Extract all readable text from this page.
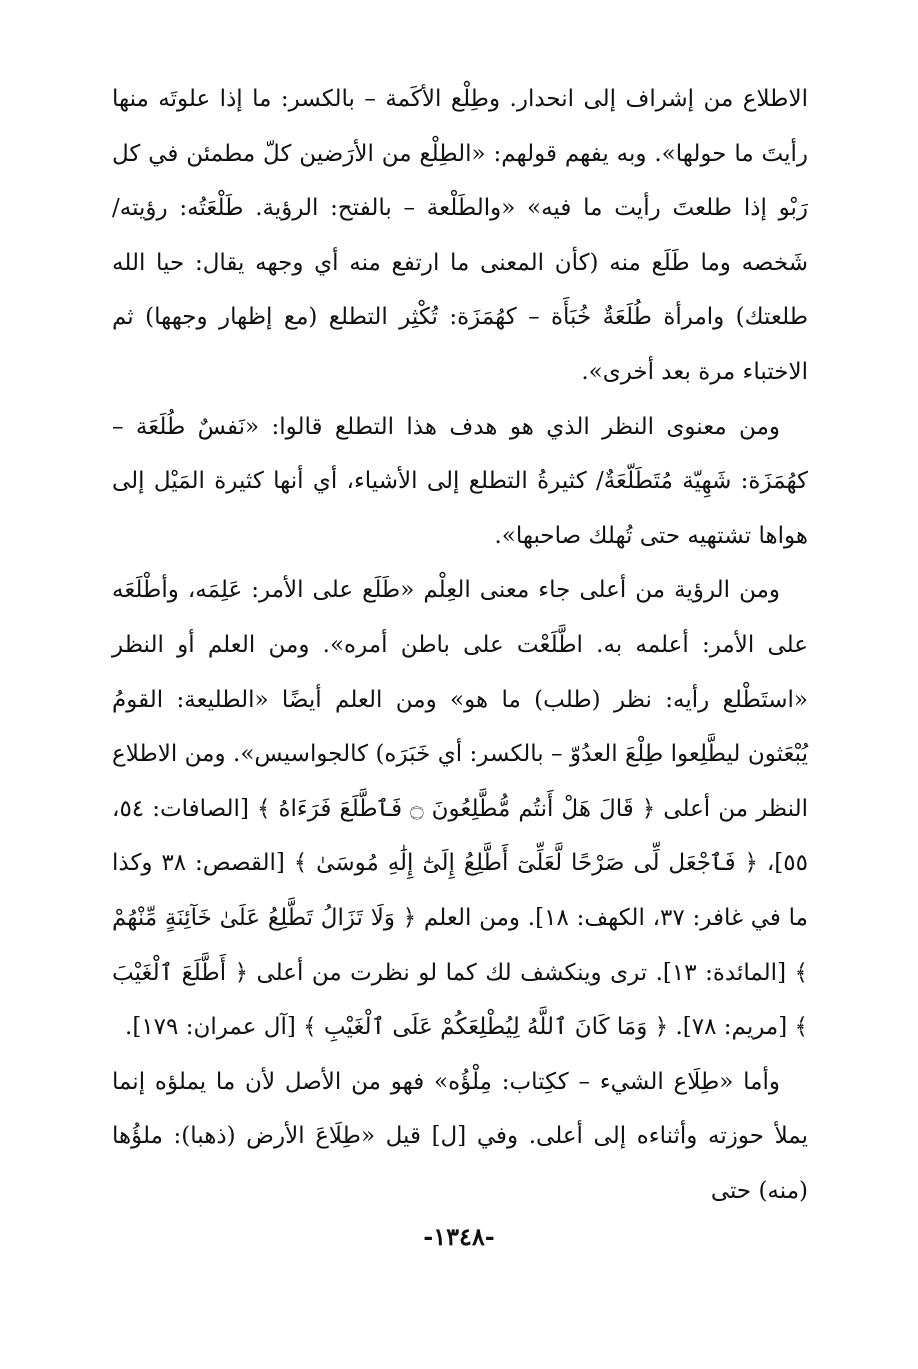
الاطلاع من إشراف إلى انحدار. وطِلْع الأكَمة – بالكسر: ما إذا علوتَه منها رأيتَ ما حولها». وبه يفهم قولهم: «الطِلْع من الأرَضين كلّ مطمئن في كل رَبْو إذا طلعتَ رأيت ما فيه» «والطَلْعة – بالفتح: الرؤية. طَلْعَتُه: رؤيته/ شَخصه وما طَلَع منه (كأن المعنى ما ارتفع منه أي وجهه يقال: حيا الله طلعتك) وامرأة طُلَعَةٌ خُبَأَة – كهُمَزَة: تُكْثِر التطلع (مع إظهار وجهها) ثم الاختباء مرة بعد أخرى».

ومن معنوى النظر الذي هو هدف هذا التطلع قالوا: «نَفسٌ طُلَعَة – كهُمَزَة: شَهِيّة مُتَطَلّعَةٌ/ كثيرةُ التطلع إلى الأشياء، أي أنها كثيرة المَيْل إلى هواها تشتهيه حتى تُهلك صاحبها».

ومن الرؤية من أعلى جاء معنى العِلْم «طَلَع على الأمر: عَلِمَه، وأطْلَعَه على الأمر: أعلمه به. اطَّلَعْت على باطن أمره». ومن العلم أو النظر «استَطْلع رأيه: نظر (طلب) ما هو» ومن العلم أيضًا «الطليعة: القومُ يُبْعَثون ليطَّلِعوا طِلْعَ العدُوّ – بالكسر: أي خَبَرَه) كالجواسيس». ومن الاطلاع النظر من أعلى ﴿ قَالَ هَلْ أَنتُم مُّطَّلِعُونَ ۝ فَٱطَّلَعَ فَرَءَاهُ ﴾ [الصافات: ٥٤، ٥٥]، ﴿ فَٱجْعَل لِّى صَرْحًا لَّعَلِّىٓ أَطَّلِعُ إِلَىٰٓ إِلَٰهِ مُوسَىٰ ﴾ [القصص: ٣٨ وكذا ما في غافر: ٣٧، الكهف: ١٨]. ومن العلم ﴿ وَلَا تَزَالُ تَطَّلِعُ عَلَىٰ خَآئِنَةٍ مِّنْهُمْ ﴾ [المائدة: ١٣]. ترى وينكشف لك كما لو نظرت من أعلى ﴿ أَطَّلَعَ ٱلْغَيْبَ ﴾ [مريم: ٧٨]. ﴿ وَمَا كَانَ ٱللَّهُ لِيُطْلِعَكُمْ عَلَى ٱلْغَيْبِ ﴾ [آل عمران: ١٧٩].

وأما «طِلَاع الشيء – ككِتاب: مِلْؤُه» فهو من الأصل لأن ما يملؤه إنما يملأ حوزته وأثناءه إلى أعلى. وفي [ل] قيل «طِلَاعَ الأرض (ذهبا): ملؤُها (منه) حتى

-١٣٤٨-
